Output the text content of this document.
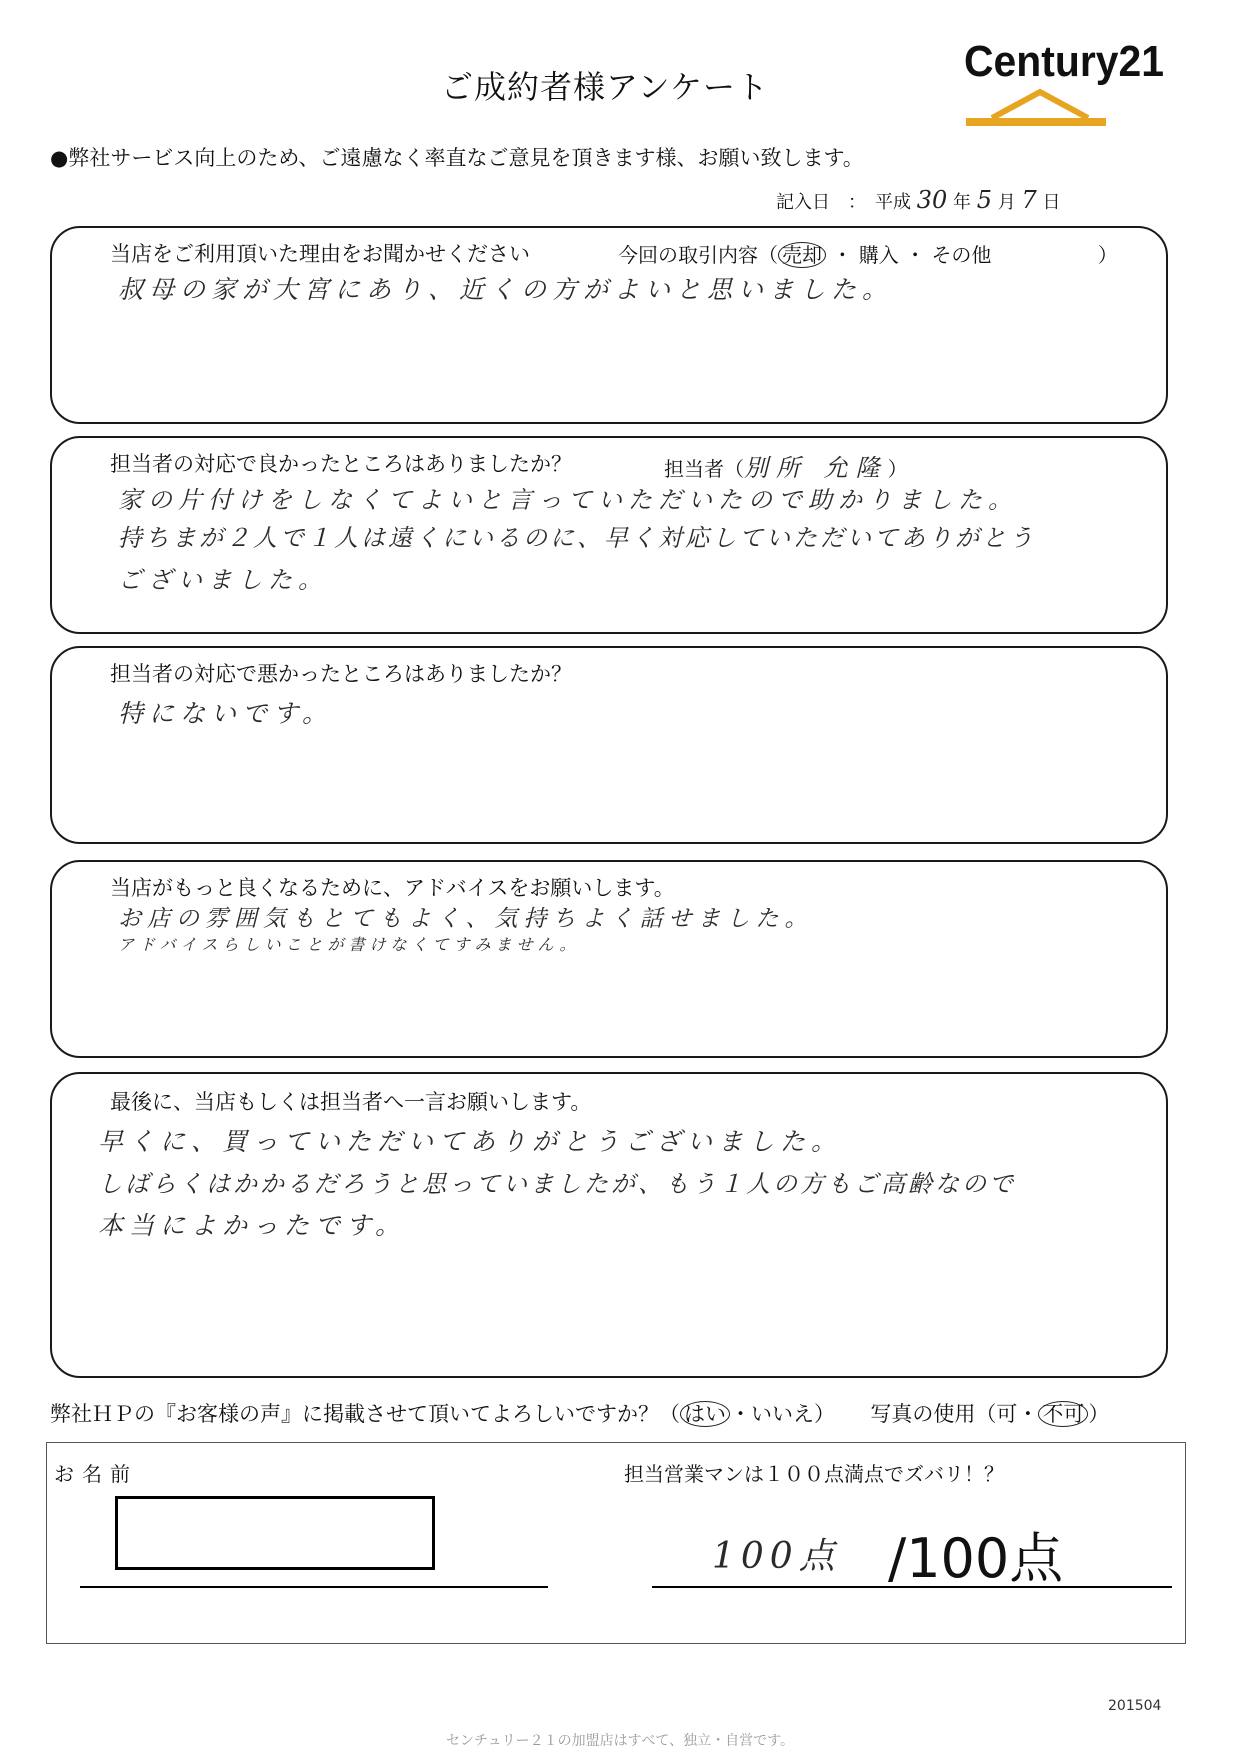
ご成約者様アンケート
Century21
●弊社サービス向上のため、ご遠慮なく率直なご意見を頂きます様、お願い致します。
記入日　：　平成 30 年 5 月 7 日
当店をご利用頂いた理由をお聞かせください	今回の取引内容（ 売却 ・ 購入 ・ その他	）
叔母の家が大宮にあり、近くの方がよいと思いました。
担当者の対応で良かったところはありましたか？	担当者（別所 允隆）
家の片付けをしなくてよいと言っていただいたので助かりました。
持ちまが２人で１人は遠くにいるのに、早く対応していただいてありがとう
ございました。
担当者の対応で悪かったところはありましたか？
特にないです。
当店がもっと良くなるために、アドバイスをお願いします。
お店の雰囲気もとてもよく、気持ちよく話せました。
アドバイスらしいことが書けなくてすみません。
最後に、当店もしくは担当者へ一言お願いします。
早くに、買っていただいてありがとうございました。
しばらくはかかるだろうと思っていましたが、もう１人の方もご高齢なので
本当によかったです。
弊社ＨＰの『お客様の声』に掲載させて頂いてよろしいですか？（ はい ・いいえ） 写真の使用（可・ 不可 ）
お名前	担当営業マンは１００点満点でズバリ！？
100点 /100点
201504
センチュリー２１の加盟店はすべて、独立・自営です。
